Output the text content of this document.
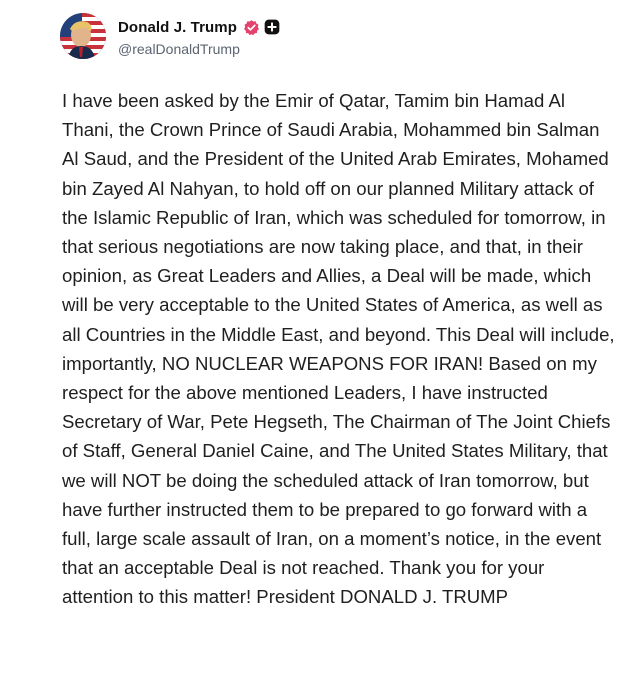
Donald J. Trump
@realDonaldTrump
I have been asked by the Emir of Qatar, Tamim bin Hamad Al Thani, the Crown Prince of Saudi Arabia, Mohammed bin Salman Al Saud, and the President of the United Arab Emirates, Mohamed bin Zayed Al Nahyan, to hold off on our planned Military attack of the Islamic Republic of Iran, which was scheduled for tomorrow, in that serious negotiations are now taking place, and that, in their opinion, as Great Leaders and Allies, a Deal will be made, which will be very acceptable to the United States of America, as well as all Countries in the Middle East, and beyond. This Deal will include, importantly, NO NUCLEAR WEAPONS FOR IRAN! Based on my respect for the above mentioned Leaders, I have instructed Secretary of War, Pete Hegseth, The Chairman of The Joint Chiefs of Staff, General Daniel Caine, and The United States Military, that we will NOT be doing the scheduled attack of Iran tomorrow, but have further instructed them to be prepared to go forward with a full, large scale assault of Iran, on a moment’s notice, in the event that an acceptable Deal is not reached. Thank you for your attention to this matter! President DONALD J. TRUMP
